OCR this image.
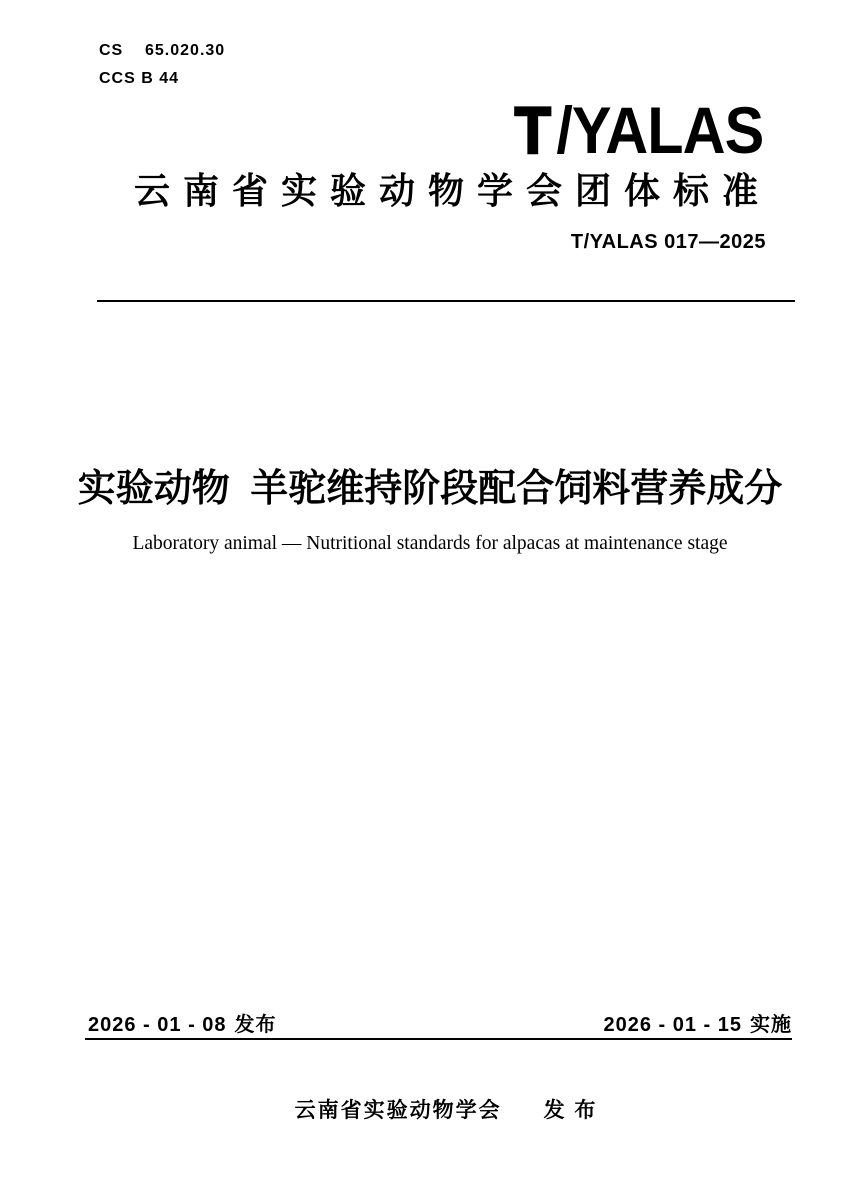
CS    65.020.30
CCS B 44
T/YALAS
云南省实验动物学会团体标准
T/YALAS 017—2025
实验动物 羊驼维持阶段配合饲料营养成分
Laboratory animal — Nutritional standards for alpacas at maintenance stage
2026 - 01 - 08 发布	2026 - 01 - 15 实施
云南省实验动物学会 发 布
